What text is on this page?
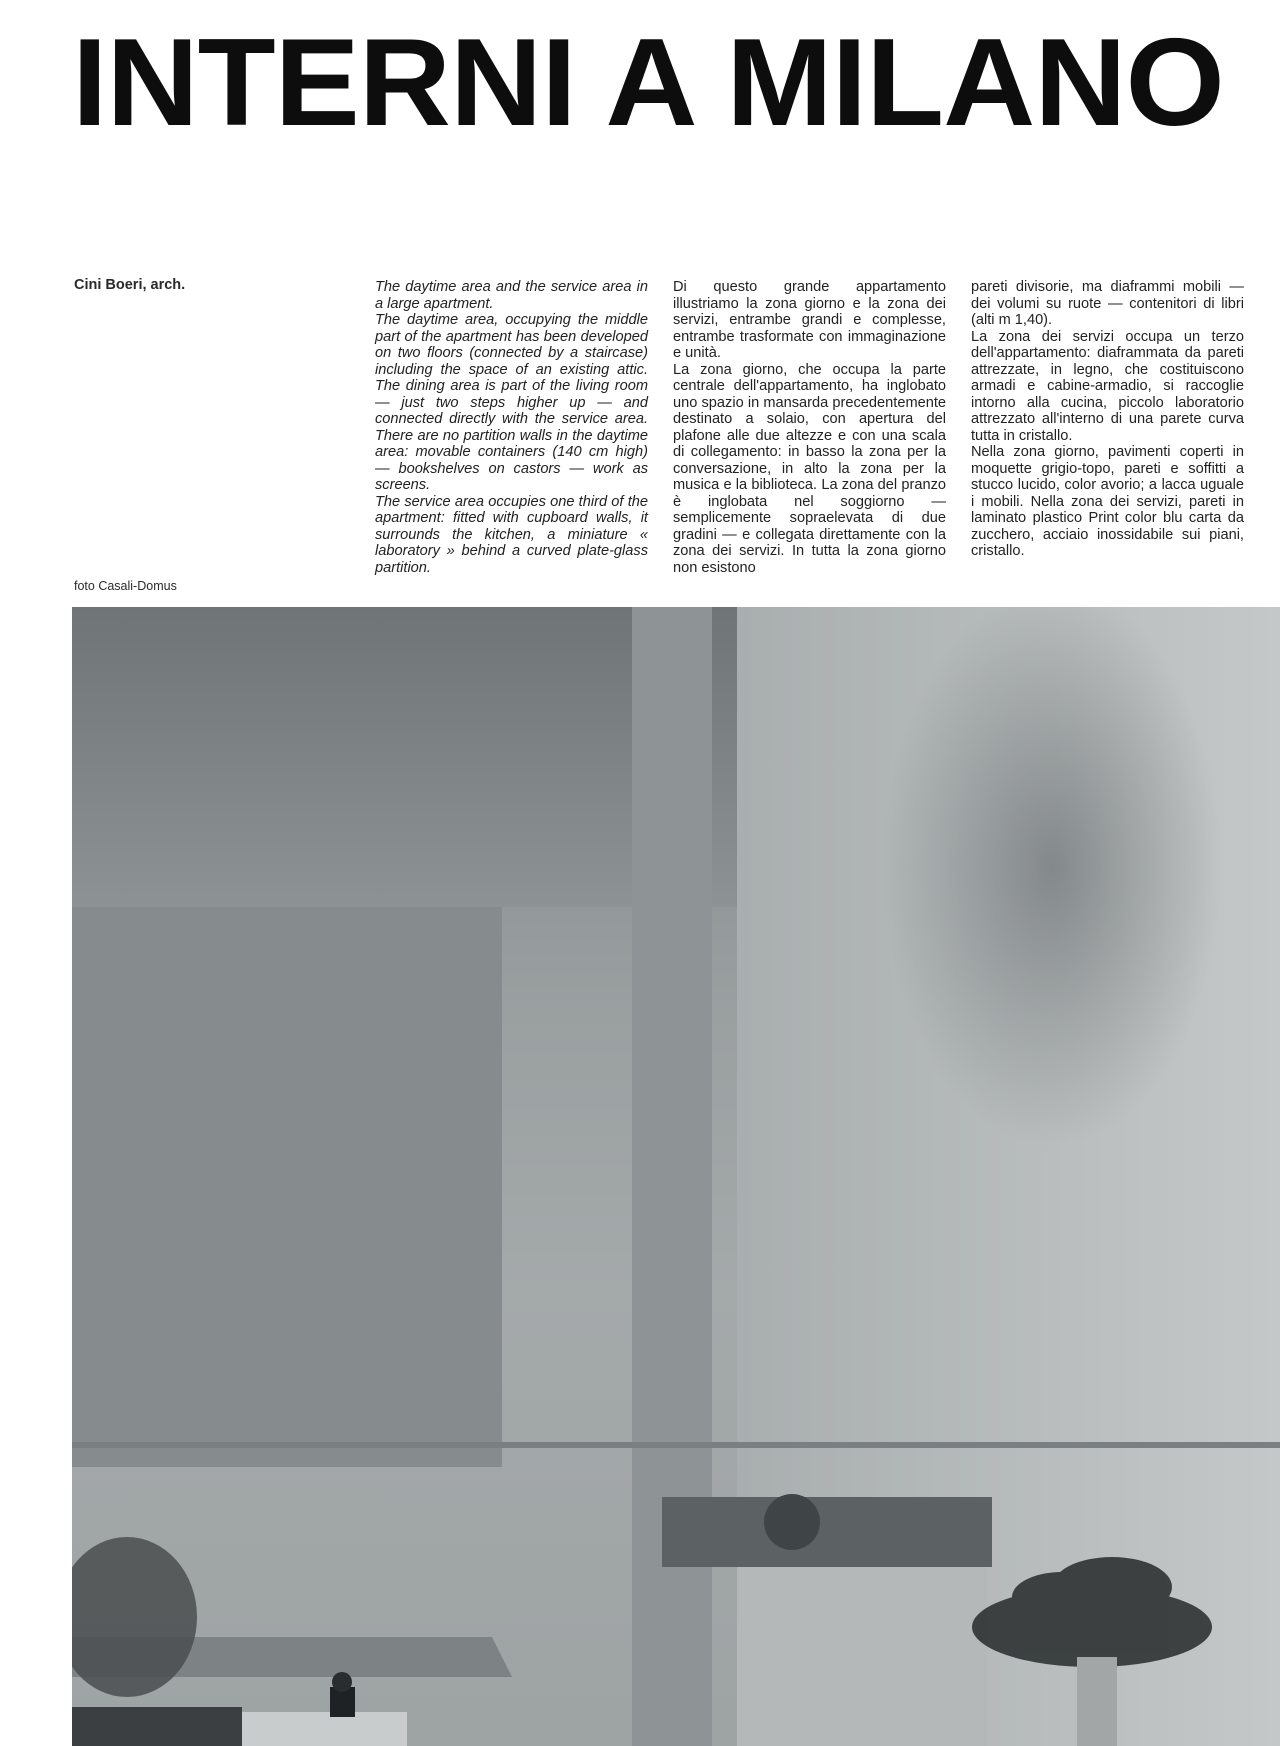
INTERNI A MILANO
Cini Boeri, arch.
foto Casali-Domus

The daytime area and the service area in a large apartment.

The daytime area, occupying the middle part of the apartment has been developed on two floors (connected by a staircase) including the space of an existing attic. The dining area is part of the living room — just two steps higher up — and connected directly with the service area. There are no partition walls in the daytime area: movable containers (140 cm high) — bookshelves on castors — work as screens.

The service area occupies one third of the apartment: fitted with cupboard walls, it surrounds the kitchen, a miniature « laboratory » behind a curved plate-glass partition.

Di questo grande appartamento illustriamo la zona giorno e la zona dei servizi, entrambe grandi e complesse, entrambe trasformate con immaginazione e unità.

La zona giorno, che occupa la parte centrale dell'appartamento, ha inglobato uno spazio in mansarda precedentemente destinato a solaio, con apertura del plafone alle due altezze e con una scala di collegamento: in basso la zona per la conversazione, in alto la zona per la musica e la biblioteca. La zona del pranzo è inglobata nel soggiorno — semplicemente sopraelevata di due gradini — e collegata direttamente con la zona dei servizi. In tutta la zona giorno non esistono

pareti divisorie, ma diaframmi mobili — dei volumi su ruote — contenitori di libri (alti m 1,40).

La zona dei servizi occupa un terzo dell'appartamento: diaframmata da pareti attrezzate, in legno, che costituiscono armadi e cabine-armadio, si raccoglie intorno alla cucina, piccolo laboratorio attrezzato all'interno di una parete curva tutta in cristallo.

Nella zona giorno, pavimenti coperti in moquette grigio-topo, pareti e soffitti a stucco lucido, color avorio; a lacca uguale i mobili. Nella zona dei servizi, pareti in laminato plastico Print color blu carta da zucchero, acciaio inossidabile sui piani, cristallo.
